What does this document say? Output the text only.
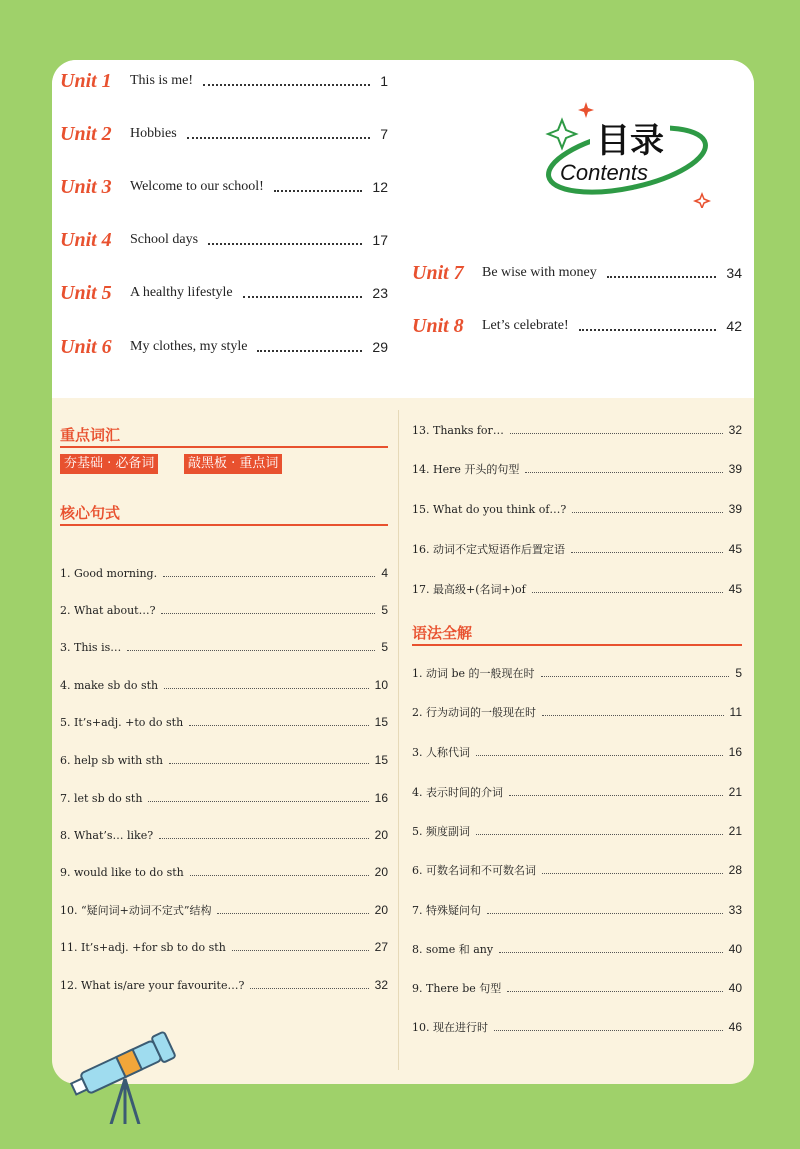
Unit 1	This is me!	1
Unit 2	Hobbies	7
Unit 3	Welcome to our school!	12
Unit 4	School days	17
Unit 5	A healthy lifestyle	23
Unit 6	My clothes, my style	29
Unit 7	Be wise with money	34
Unit 8	Let’s celebrate!	42
目录
Contents
重点词汇
夯基础 · 必备词	敲黑板 · 重点词
核心句式
1. Good morning.	4
2. What about…?	5
3. This is…	5
4. make sb do sth	10
5. It’s+adj. +to do sth	15
6. help sb with sth	15
7. let sb do sth	16
8. What’s… like?	20
9. would like to do sth	20
10. “疑问词+动词不定式”结构	20
11. It’s+adj. +for sb to do sth	27
12. What is/are your favourite…?	32
13. Thanks for…	32
14. Here 开头的句型	39
15. What do you think of…?	39
16. 动词不定式短语作后置定语	45
17. 最高级+(名词+)of	45
语法全解
1. 动词 be 的一般现在时	5
2. 行为动词的一般现在时	11
3. 人称代词	16
4. 表示时间的介词	21
5. 频度副词	21
6. 可数名词和不可数名词	28
7. 特殊疑问句	33
8. some 和 any	40
9. There be 句型	40
10. 现在进行时	46
